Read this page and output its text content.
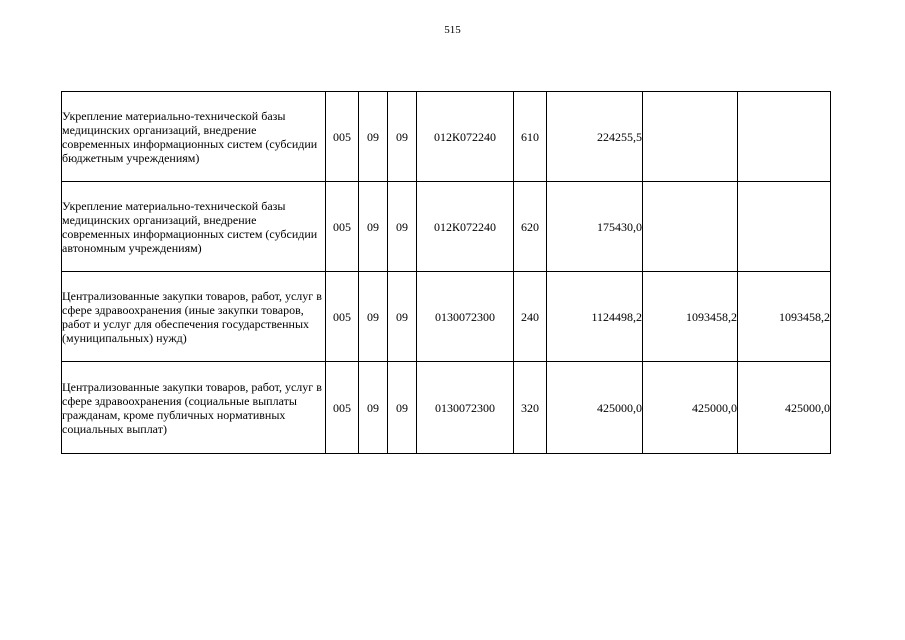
515
Укрепление материально-технической базы медицинских организаций, внедрение современных информационных систем (субсидии бюджетным учреждениям)	005	09	09	012К072240	610	224255,5		
Укрепление материально-технической базы медицинских организаций, внедрение современных информационных систем (субсидии автономным учреждениям)	005	09	09	012К072240	620	175430,0		
Централизованные закупки товаров, работ, услуг в сфере здравоохранения (иные закупки товаров, работ и услуг для обеспечения государственных (муниципальных) нужд)	005	09	09	0130072300	240	1124498,2	1093458,2	1093458,2
Централизованные закупки товаров, работ, услуг в сфере здравоохранения (социальные выплаты гражданам, кроме публичных нормативных социальных выплат)	005	09	09	0130072300	320	425000,0	425000,0	425000,0
